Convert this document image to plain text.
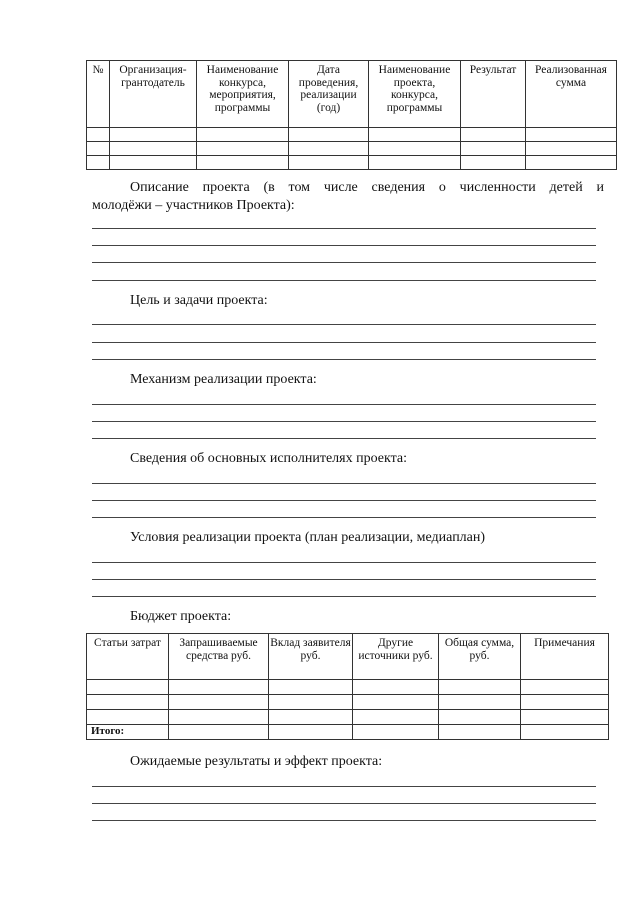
№	Организация-грантодатель	Наименование конкурса, мероприятия, программы	Дата проведения, реализации (год)	Наименование проекта, конкурса, программы	Результат	Реализованная сумма

Описание проекта (в том числе сведения о численности детей и
молодёжи – участников Проекта):
Цель и задачи проекта:
Механизм реализации проекта:
Сведения об основных исполнителях проекта:
Условия реализации проекта (план реализации, медиаплан)
Бюджет проекта:
Статьи затрат	Запрашиваемые средства руб.	Вклад заявителя руб.	Другие источники руб.	Общая сумма, руб.	Примечания

Итого:					
Ожидаемые результаты и эффект проекта:
